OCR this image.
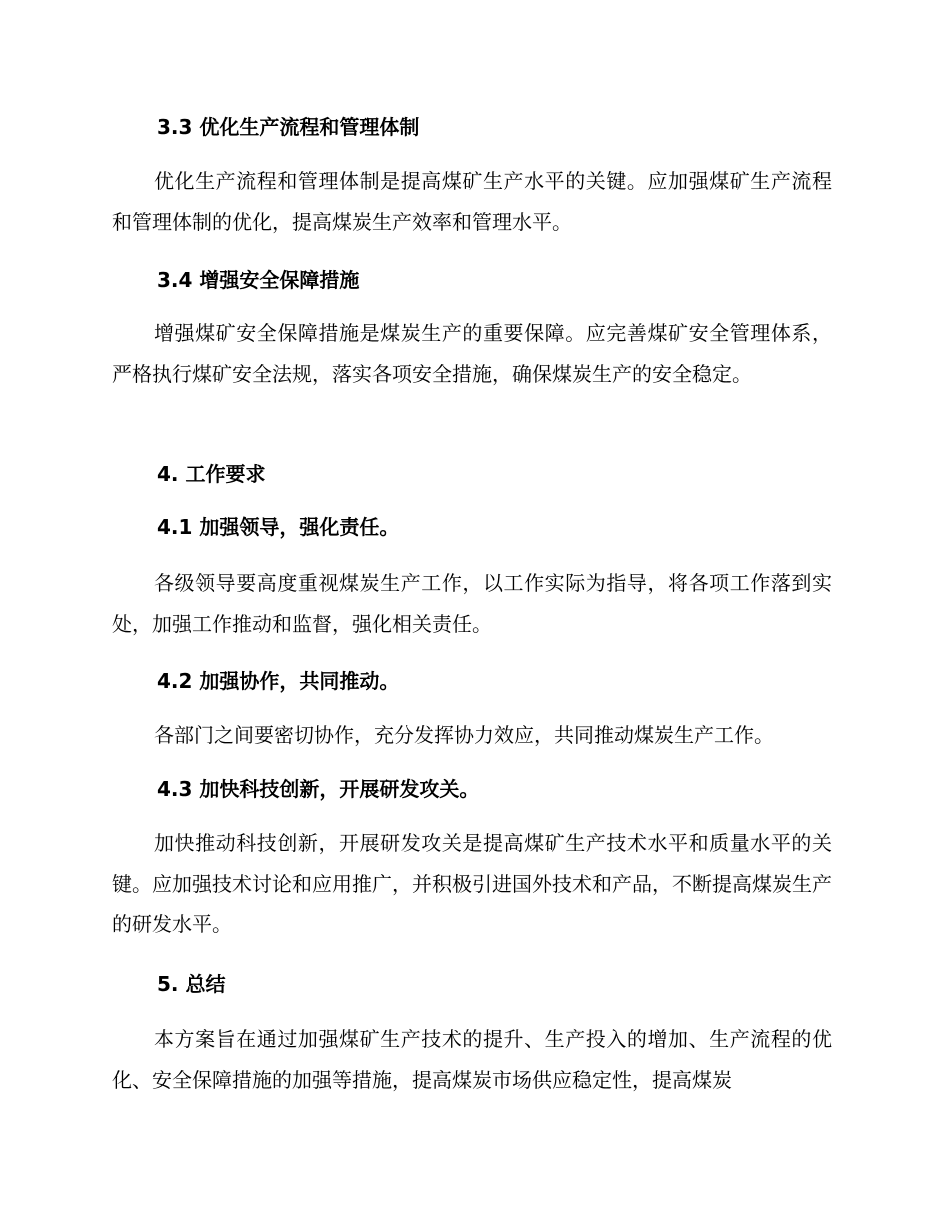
3.3 优化生产流程和管理体制
优化生产流程和管理体制是提高煤矿生产水平的关键。应加强煤矿生产流程和管理体制的优化，提高煤炭生产效率和管理水平。
3.4 增强安全保障措施
增强煤矿安全保障措施是煤炭生产的重要保障。应完善煤矿安全管理体系，严格执行煤矿安全法规，落实各项安全措施，确保煤炭生产的安全稳定。
4. 工作要求
4.1 加强领导，强化责任。
各级领导要高度重视煤炭生产工作，以工作实际为指导，将各项工作落到实处，加强工作推动和监督，强化相关责任。
4.2 加强协作，共同推动。
各部门之间要密切协作，充分发挥协力效应，共同推动煤炭生产工作。
4.3 加快科技创新，开展研发攻关。
加快推动科技创新，开展研发攻关是提高煤矿生产技术水平和质量水平的关键。应加强技术讨论和应用推广，并积极引进国外技术和产品，不断提高煤炭生产的研发水平。
5. 总结
本方案旨在通过加强煤矿生产技术的提升、生产投入的增加、生产流程的优化、安全保障措施的加强等措施，提高煤炭市场供应稳定性，提高煤炭
